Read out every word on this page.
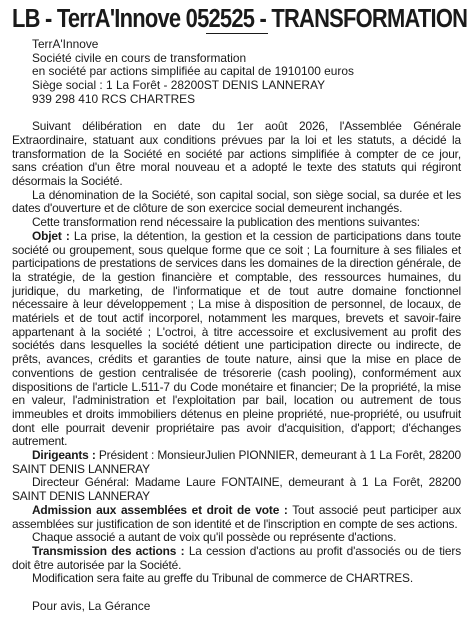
LB - TerrA'Innove 052525 - TRANSFORMATION
TerrA'Innove
Société civile en cours de transformation
en société par actions simplifiée au capital de 1910100 euros
Siège social : 1 La Forêt - 28200ST DENIS LANNERAY
939 298 410 RCS CHARTRES

Suivant délibération en date du 1er août 2026, l'Assemblée Générale Extraordinaire, statuant aux conditions prévues par la loi et les statuts, a décidé la transformation de la Société en société par actions simplifiée à compter de ce jour, sans création d'un être moral nouveau et a adopté le texte des statuts qui régiront désormais la Société.

La dénomination de la Société, son capital social, son siège social, sa durée et les dates d'ouverture et de clôture de son exercice social demeurent inchangés.

Cette transformation rend nécessaire la publication des mentions suivantes:

Objet : La prise, la détention, la gestion et la cession de participations dans toute société ou groupement, sous quelque forme que ce soit ; La fourniture à ses filiales et participations de prestations de services dans les domaines de la direction générale, de la stratégie, de la gestion financière et comptable, des ressources humaines, du juridique, du marketing, de l'informatique et de tout autre domaine fonctionnel nécessaire à leur développement ; La mise à disposition de personnel, de locaux, de matériels et de tout actif incorporel, notamment les marques, brevets et savoir-faire appartenant à la société ; L'octroi, à titre accessoire et exclusivement au profit des sociétés dans lesquelles la société détient une participation directe ou indirecte, de prêts, avances, crédits et garanties de toute nature, ainsi que la mise en place de conventions de gestion centralisée de trésorerie (cash pooling), conformément aux dispositions de l'article L.511-7 du Code monétaire et financier; De la propriété, la mise en valeur, l'administration et l'exploitation par bail, location ou autrement de tous immeubles et droits immobiliers détenus en pleine propriété, nue-propriété, ou usufruit dont elle pourrait devenir propriétaire pas avoir d'acquisition, d'apport; d'échanges autrement.

Dirigeants : Président : MonsieurJulien PIONNIER, demeurant à 1 La Forêt, 28200 SAINT DENIS LANNERAY

Directeur Général: Madame Laure FONTAINE, demeurant à 1 La Forêt, 28200 SAINT DENIS LANNERAY

Admission aux assemblées et droit de vote : Tout associé peut participer aux assemblées sur justification de son identité et de l'inscription en compte de ses actions.

Chaque associé a autant de voix qu'il possède ou représente d'actions.

Transmission des actions : La cession d'actions au profit d'associés ou de tiers doit être autorisée par la Société.

Modification sera faite au greffe du Tribunal de commerce de CHARTRES.

Pour avis, La Gérance
